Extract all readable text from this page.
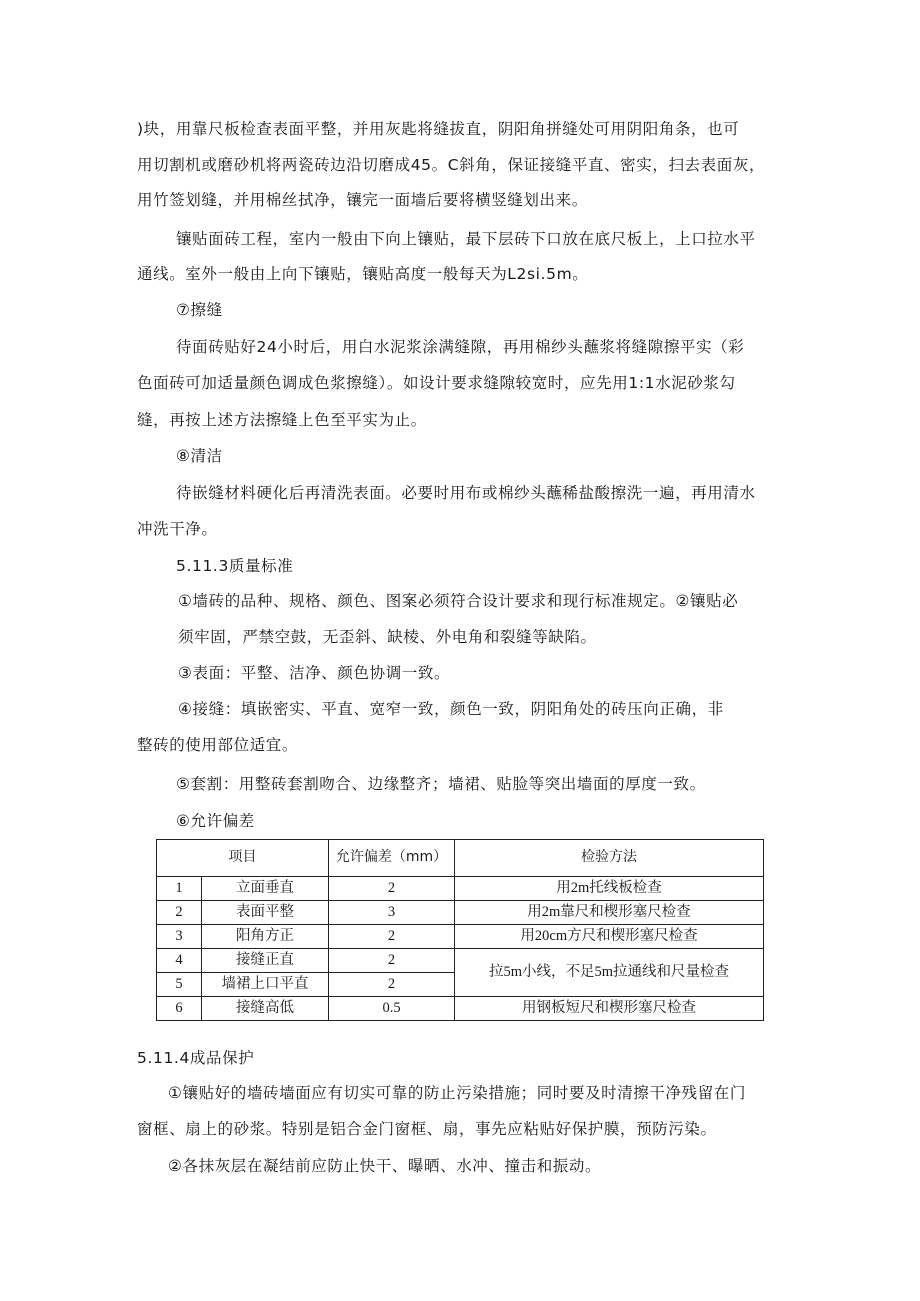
)块，用靠尺板检查表面平整，并用灰匙将缝拔直，阴阳角拼缝处可用阴阳角条，也可
用切割机或磨砂机将两瓷砖边沿切磨成45。C斜角，保证接缝平直、密实，扫去表面灰，
用竹签划缝，并用棉丝拭净，镶完一面墙后要将横竖缝划出来。
镶贴面砖工程，室内一般由下向上镶贴，最下层砖下口放在底尺板上，上口拉水平
通线。室外一般由上向下镶贴，镶贴高度一般每天为L2si.5m。
⑦擦缝
待面砖贴好24小时后，用白水泥浆涂满缝隙，再用棉纱头蘸浆将缝隙擦平实（彩
色面砖可加适量颜色调成色浆擦缝）。如设计要求缝隙较宽时，应先用1:1水泥砂浆勾
缝，再按上述方法擦缝上色至平实为止。
⑧清洁
待嵌缝材料硬化后再清洗表面。必要时用布或棉纱头蘸稀盐酸擦洗一遍，再用清水
冲洗干净。
5.11.3质量标准
①墙砖的品种、规格、颜色、图案必须符合设计要求和现行标准规定。②镶贴必
须牢固，严禁空鼓，无歪斜、缺棱、外电角和裂缝等缺陷。
③表面：平整、洁净、颜色协调一致。
④接缝：填嵌密实、平直、宽窄一致，颜色一致，阴阳角处的砖压向正确，非
整砖的使用部位适宜。
⑤套割：用整砖套割吻合、边缘整齐；墙裙、贴脸等突出墙面的厚度一致。
⑥允许偏差
项目		允许偏差（mm）	检验方法
1	立面垂直	2	用2m托线板检查
2	表面平整	3	用2m靠尺和楔形塞尺检查
3	阳角方正	2	用20cm方尺和楔形塞尺检查
4	接缝正直	2	拉5m小线，不足5m拉通线和尺量检查
5	墙裙上口平直	2	
6	接缝高低	0.5	用钢板短尺和楔形塞尺检查
5.11.4成品保护
①镶贴好的墙砖墙面应有切实可靠的防止污染措施；同时要及时清擦干净残留在门
窗框、扇上的砂浆。特别是铝合金门窗框、扇，事先应粘贴好保护膜，预防污染。
②各抹灰层在凝结前应防止快干、曝晒、水冲、撞击和振动。
